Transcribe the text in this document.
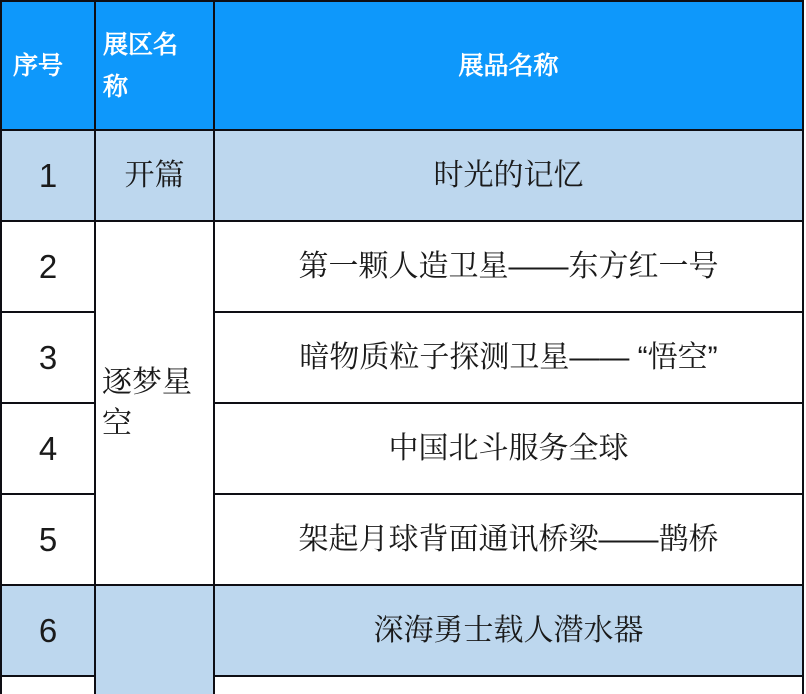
序号	展区名称	展品名称
1	开篇	时光的记忆
2	逐梦星空	第一颗人造卫星——东方红一号
3		暗物质粒子探测卫星—— “悟空”
4		中国北斗服务全球
5		架起月球背面通讯桥梁——鹊桥
6		深海勇士载人潜水器
